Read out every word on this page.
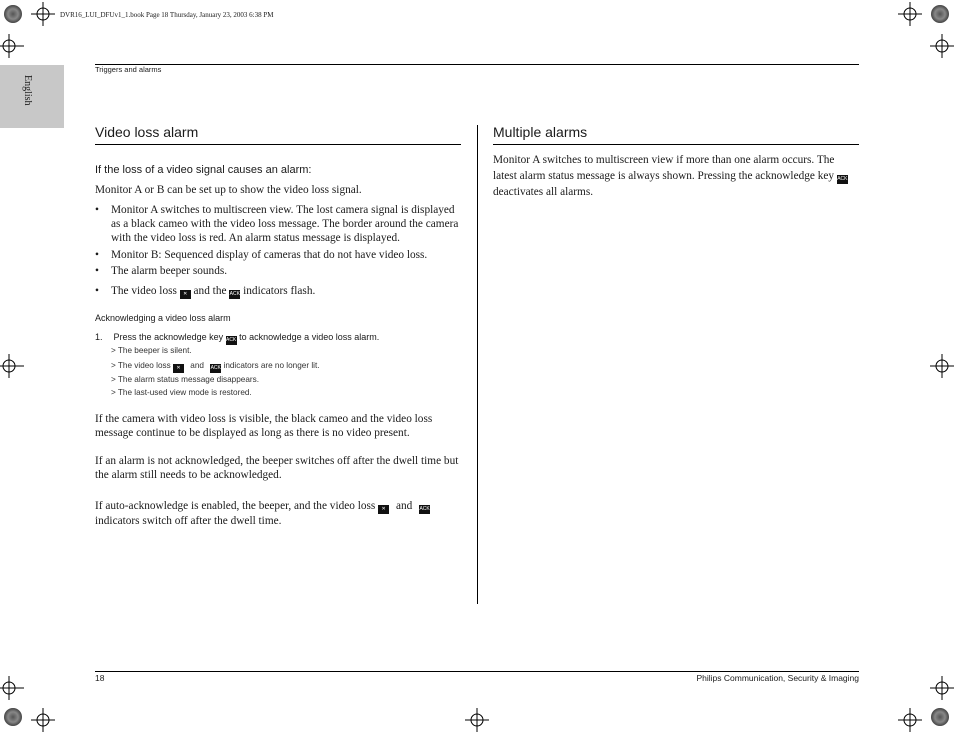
DVR16_LUI_DFUv1_1.book Page 18 Thursday, January 23, 2003 6:38 PM
English
Triggers and alarms
Video loss alarm
If the loss of a video signal causes an alarm:
Monitor A or B can be set up to show the video loss signal.
• Monitor A switches to multiscreen view. The lost camera signal is displayed as a black cameo with the video loss message. The border around the camera with the video loss is red. An alarm status message is displayed.
• Monitor B: Sequenced display of cameras that do not have video loss.
• The alarm beeper sounds.
• The video loss ✕ and the ACK indicators flash.
Acknowledging a video loss alarm
1. Press the acknowledge key ACK to acknowledge a video loss alarm.
> The beeper is silent.
> The video loss ✕ and ACK indicators are no longer lit.
> The alarm status message disappears.
> The last-used view mode is restored.
If the camera with video loss is visible, the black cameo and the video loss message continue to be displayed as long as there is no video present.
If an alarm is not acknowledged, the beeper switches off after the dwell time but the alarm still needs to be acknowledged.
If auto-acknowledge is enabled, the beeper, and the video loss ✕ and ACK indicators switch off after the dwell time.
Multiple alarms
Monitor A switches to multiscreen view if more than one alarm occurs. The latest alarm status message is always shown. Pressing the acknowledge key ACK deactivates all alarms.
18	Philips Communication, Security & Imaging
